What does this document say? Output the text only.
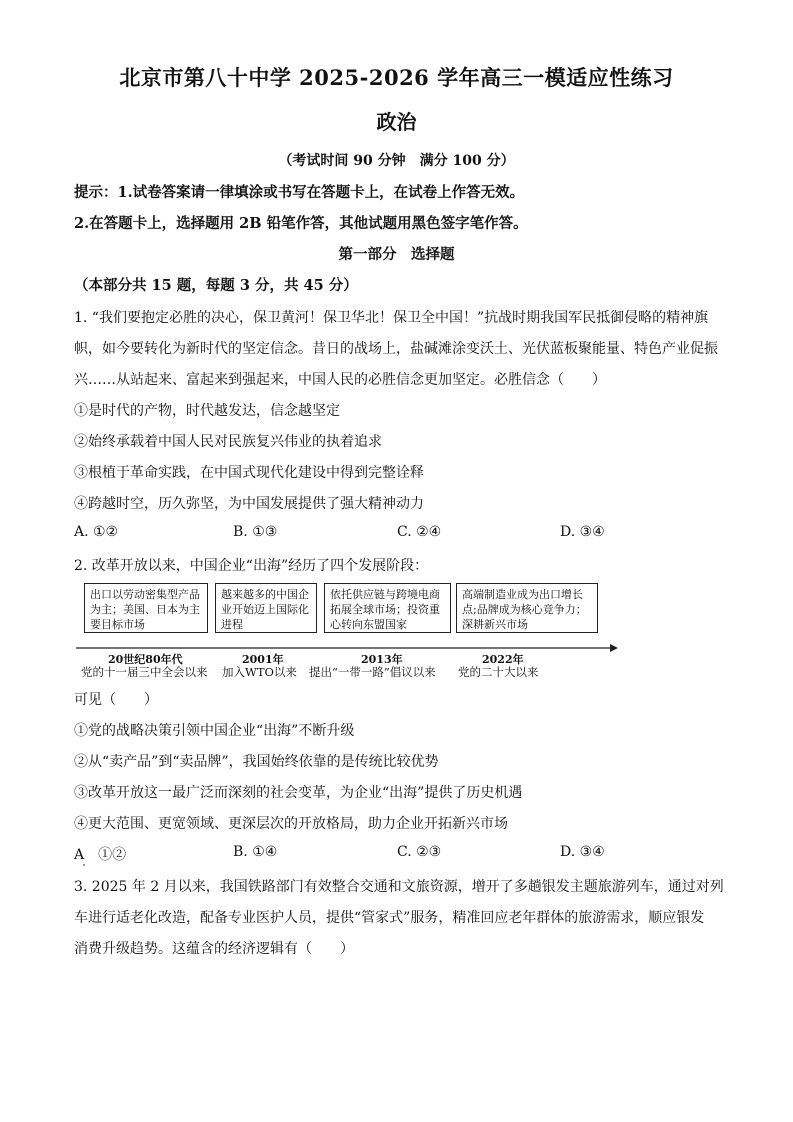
北京市第八十中学 2025-2026 学年高三一模适应性练习
政治
（考试时间 90 分钟　满分 100 分）
提示：1.试卷答案请一律填涂或书写在答题卡上，在试卷上作答无效。
2.在答题卡上，选择题用 2B 铅笔作答，其他试题用黑色签字笔作答。
第一部分　选择题
（本部分共 15 题，每题 3 分，共 45 分）
1. “我们要抱定必胜的决心，保卫黄河！保卫华北！保卫全中国！”抗战时期我国军民抵御侵略的精神旗
帜，如今要转化为新时代的坚定信念。昔日的战场上，盐碱滩涂变沃土、光伏蓝板聚能量、特色产业促振
兴……从站起来、富起来到强起来，中国人民的必胜信念更加坚定。必胜信念（　　）
①是时代的产物，时代越发达，信念越坚定
②始终承载着中国人民对民族复兴伟业的执着追求
③根植于革命实践，在中国式现代化建设中得到完整诠释
④跨越时空，历久弥坚，为中国发展提供了强大精神动力
A. ①②	B. ①③	C. ②④	D. ③④
2. 改革开放以来，中国企业“出海”经历了四个发展阶段：
出口以劳动密集型产品为主；美国、日本为主要目标市场
越来越多的中国企业开始迈上国际化进程
依托供应链与跨境电商拓展全球市场；投资重心转向东盟国家
高端制造业成为出口增长点;品牌成为核心竞争力；深耕新兴市场
20世纪80年代	2001年	2013年	2022年
党的十一届三中全会以来 加入WTO以来 提出“一带一路”倡议以来 党的二十大以来
可见（　　）
①党的战略决策引领中国企业“出海”不断升级
②从“卖产品”到“卖品牌”，我国始终依靠的是传统比较优势
③改革开放这一最广泛而深刻的社会变革，为企业“出海”提供了历史机遇
④更大范围、更宽领域、更深层次的开放格局，助力企业开拓新兴市场
A　①②	B. ①④	C. ②③	D. ③④
3. 2025 年 2 月以来，我国铁路部门有效整合交通和文旅资源，增开了多趟银发主题旅游列车，通过对列
车进行适老化改造，配备专业医护人员，提供“管家式”服务，精准回应老年群体的旅游需求，顺应银发
消费升级趋势。这蕴含的经济逻辑有（　　）
